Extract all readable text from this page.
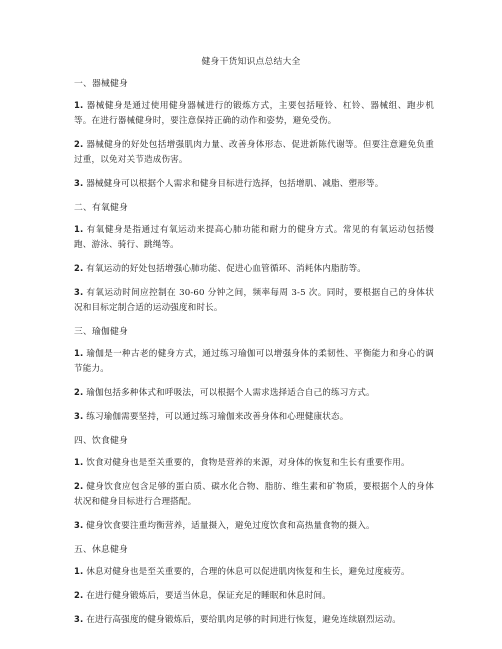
健身干货知识点总结大全
一、器械健身
1. 器械健身是通过使用健身器械进行的锻炼方式，主要包括哑铃、杠铃、器械组、跑步机等。在进行器械健身时，要注意保持正确的动作和姿势，避免受伤。
2. 器械健身的好处包括增强肌肉力量、改善身体形态、促进新陈代谢等。但要注意避免负重过重，以免对关节造成伤害。
3. 器械健身可以根据个人需求和健身目标进行选择，包括增肌、减脂、塑形等。
二、有氧健身
1. 有氧健身是指通过有氧运动来提高心肺功能和耐力的健身方式。常见的有氧运动包括慢跑、游泳、骑行、跳绳等。
2. 有氧运动的好处包括增强心肺功能、促进心血管循环、消耗体内脂肪等。
3. 有氧运动时间应控制在 30-60 分钟之间，频率每周 3-5 次。同时，要根据自己的身体状况和目标定制合适的运动强度和时长。
三、瑜伽健身
1. 瑜伽是一种古老的健身方式，通过练习瑜伽可以增强身体的柔韧性、平衡能力和身心的调节能力。
2. 瑜伽包括多种体式和呼吸法，可以根据个人需求选择适合自己的练习方式。
3. 练习瑜伽需要坚持，可以通过练习瑜伽来改善身体和心理健康状态。
四、饮食健身
1. 饮食对健身也是至关重要的，食物是营养的来源，对身体的恢复和生长有重要作用。
2. 健身饮食应包含足够的蛋白质、碳水化合物、脂肪、维生素和矿物质，要根据个人的身体状况和健身目标进行合理搭配。
3. 健身饮食要注重均衡营养，适量摄入，避免过度饮食和高热量食物的摄入。
五、休息健身
1. 休息对健身也是至关重要的，合理的休息可以促进肌肉恢复和生长，避免过度疲劳。
2. 在进行健身锻炼后，要适当休息，保证充足的睡眠和休息时间。
3. 在进行高强度的健身锻炼后，要给肌肉足够的时间进行恢复，避免连续剧烈运动。
